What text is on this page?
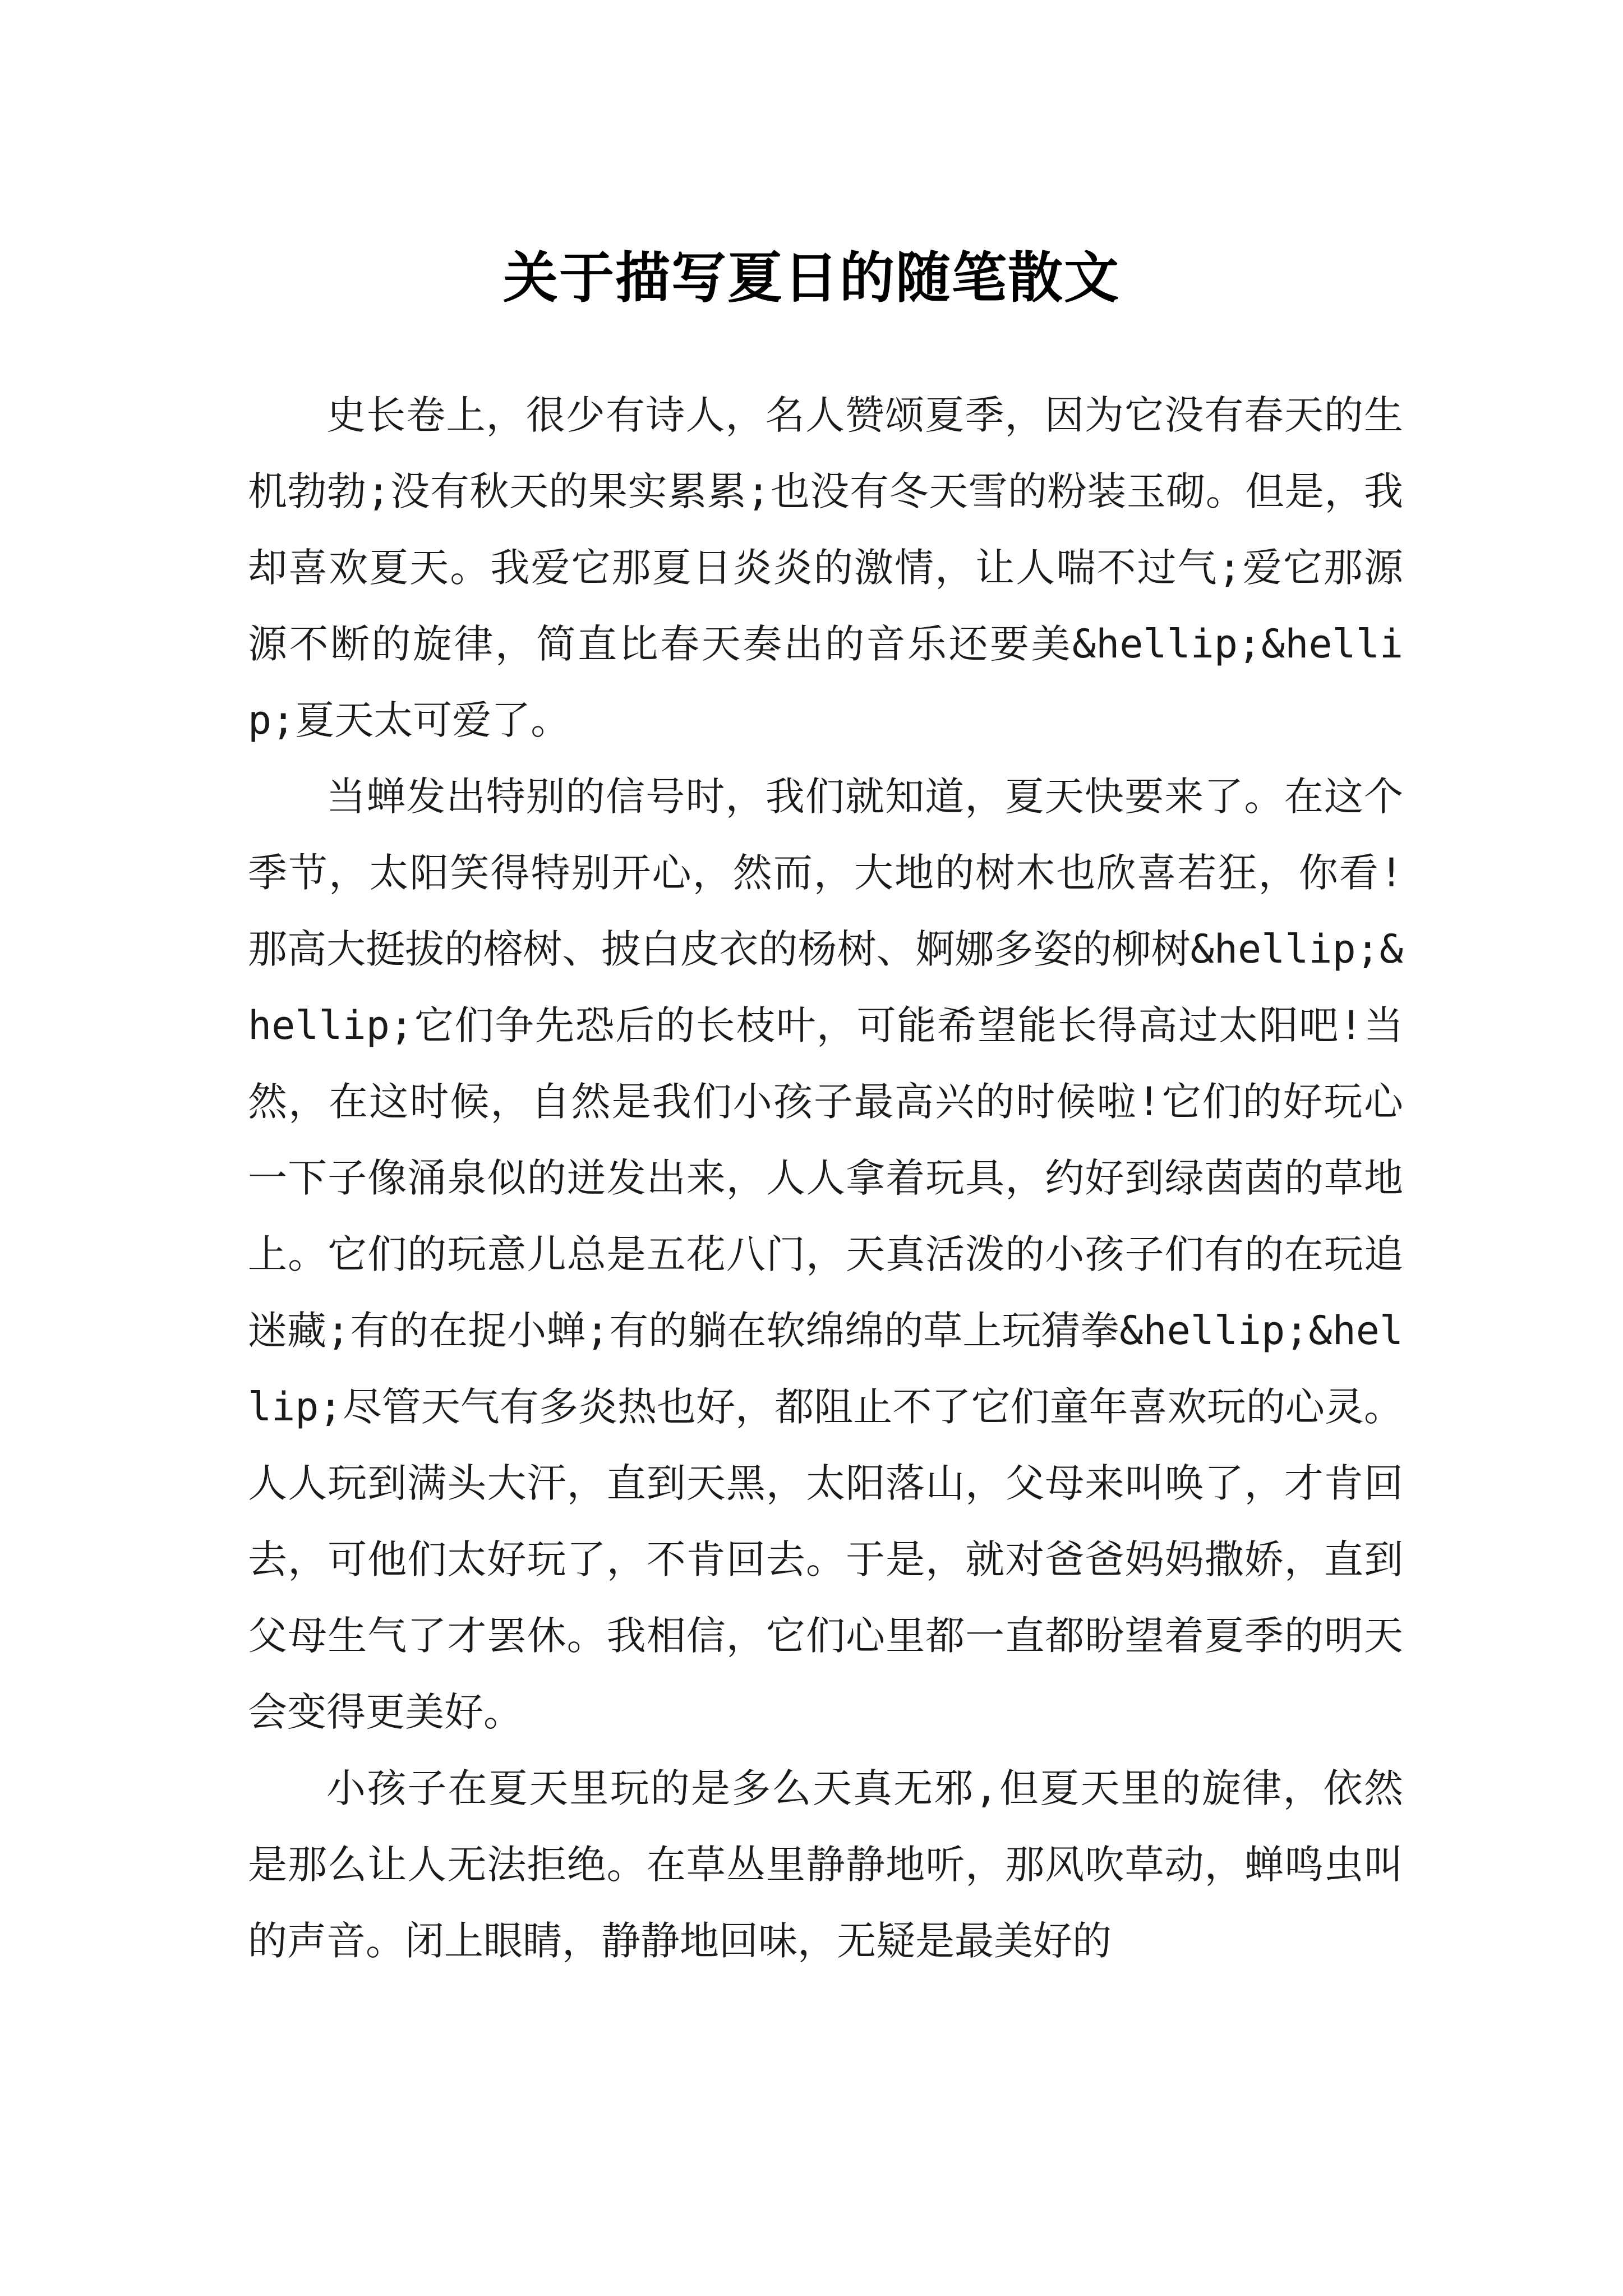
关于描写夏日的随笔散文

史长卷上，很少有诗人，名人赞颂夏季，因为它没有春天的生机勃勃;没有秋天的果实累累;也没有冬天雪的粉装玉砌。但是，我却喜欢夏天。我爱它那夏日炎炎的激情，让人喘不过气;爱它那源源不断的旋律，简直比春天奏出的音乐还要美&hellip;&hellip;夏天太可爱了。

当蝉发出特别的信号时，我们就知道，夏天快要来了。在这个季节，太阳笑得特别开心，然而，大地的树木也欣喜若狂，你看!那高大挺拔的榕树、披白皮衣的杨树、婀娜多姿的柳树&hellip;&hellip;它们争先恐后的长枝叶，可能希望能长得高过太阳吧!当然，在这时候，自然是我们小孩子最高兴的时候啦!它们的好玩心一下子像涌泉似的迸发出来，人人拿着玩具，约好到绿茵茵的草地上。它们的玩意儿总是五花八门，天真活泼的小孩子们有的在玩追迷藏;有的在捉小蝉;有的躺在软绵绵的草上玩猜拳&hellip;&hellip;尽管天气有多炎热也好，都阻止不了它们童年喜欢玩的心灵。人人玩到满头大汗，直到天黑，太阳落山，父母来叫唤了，才肯回去，可他们太好玩了，不肯回去。于是，就对爸爸妈妈撒娇，直到父母生气了才罢休。我相信，它们心里都一直都盼望着夏季的明天会变得更美好。

小孩子在夏天里玩的是多么天真无邪,但夏天里的旋律，依然是那么让人无法拒绝。在草丛里静静地听，那风吹草动，蝉鸣虫叫的声音。闭上眼睛，静静地回味，无疑是最美好的
